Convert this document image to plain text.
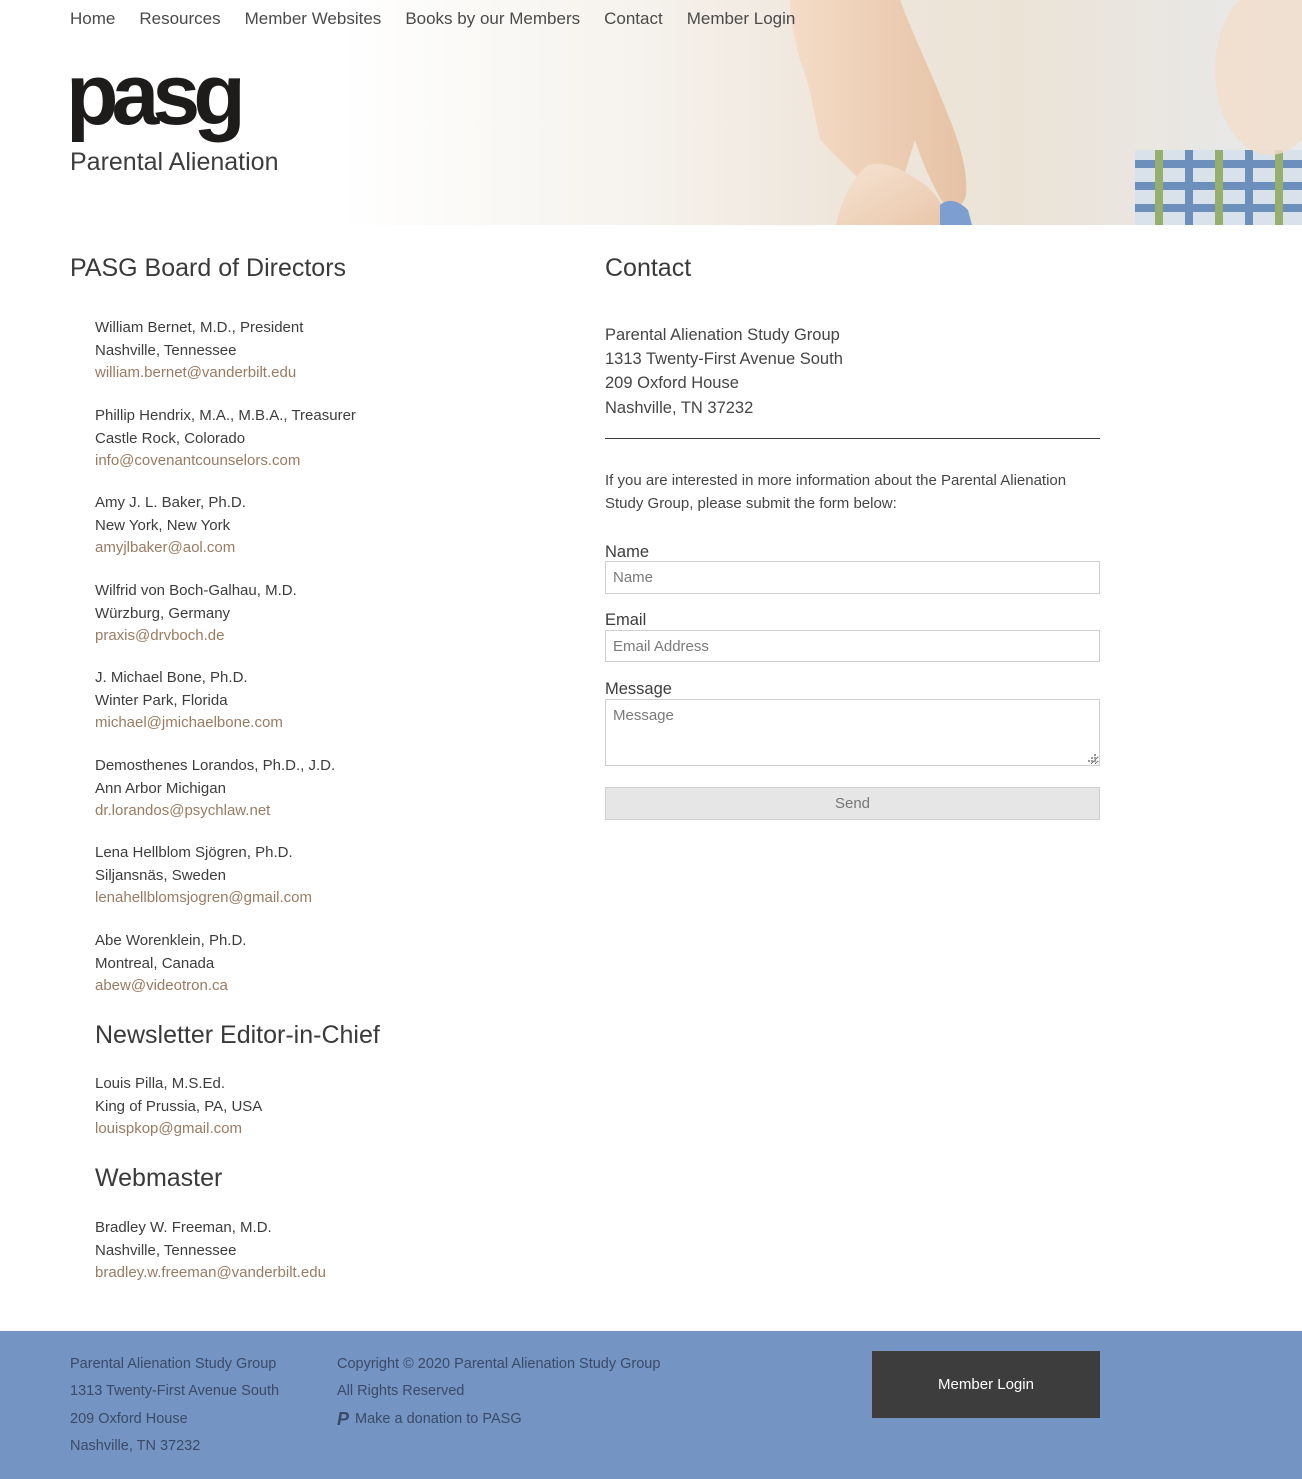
Home Resources Member Websites Books by our Members Contact Member Login
pasg
Parental Alienation
PASG Board of Directors
William Bernet, M.D., President
Nashville, Tennessee
william.bernet@vanderbilt.edu
Phillip Hendrix, M.A., M.B.A., Treasurer
Castle Rock, Colorado
info@covenantcounselors.com
Amy J. L. Baker, Ph.D.
New York, New York
amyjlbaker@aol.com
Wilfrid von Boch-Galhau, M.D.
Würzburg, Germany
praxis@drvboch.de
J. Michael Bone, Ph.D.
Winter Park, Florida
michael@jmichaelbone.com
Demosthenes Lorandos, Ph.D., J.D.
Ann Arbor Michigan
dr.lorandos@psychlaw.net
Lena Hellblom Sjögren, Ph.D.
Siljansnäs, Sweden
lenahellblomsjogren@gmail.com
Abe Worenklein, Ph.D.
Montreal, Canada
abew@videotron.ca
Newsletter Editor-in-Chief
Louis Pilla, M.S.Ed.
King of Prussia, PA, USA
louispkop@gmail.com
Webmaster
Bradley W. Freeman, M.D.
Nashville, Tennessee
bradley.w.freeman@vanderbilt.edu
Contact
Parental Alienation Study Group
1313 Twenty-First Avenue South
209 Oxford House
Nashville, TN 37232

If you are interested in more information about the Parental Alienation Study Group, please submit the form below:

Name
Name
Email
Email Address
Message
Message
Send
Parental Alienation Study Group
1313 Twenty-First Avenue South
209 Oxford House
Nashville, TN 37232
Copyright © 2020 Parental Alienation Study Group
All Rights Reserved
P Make a donation to PASG
Member Login
